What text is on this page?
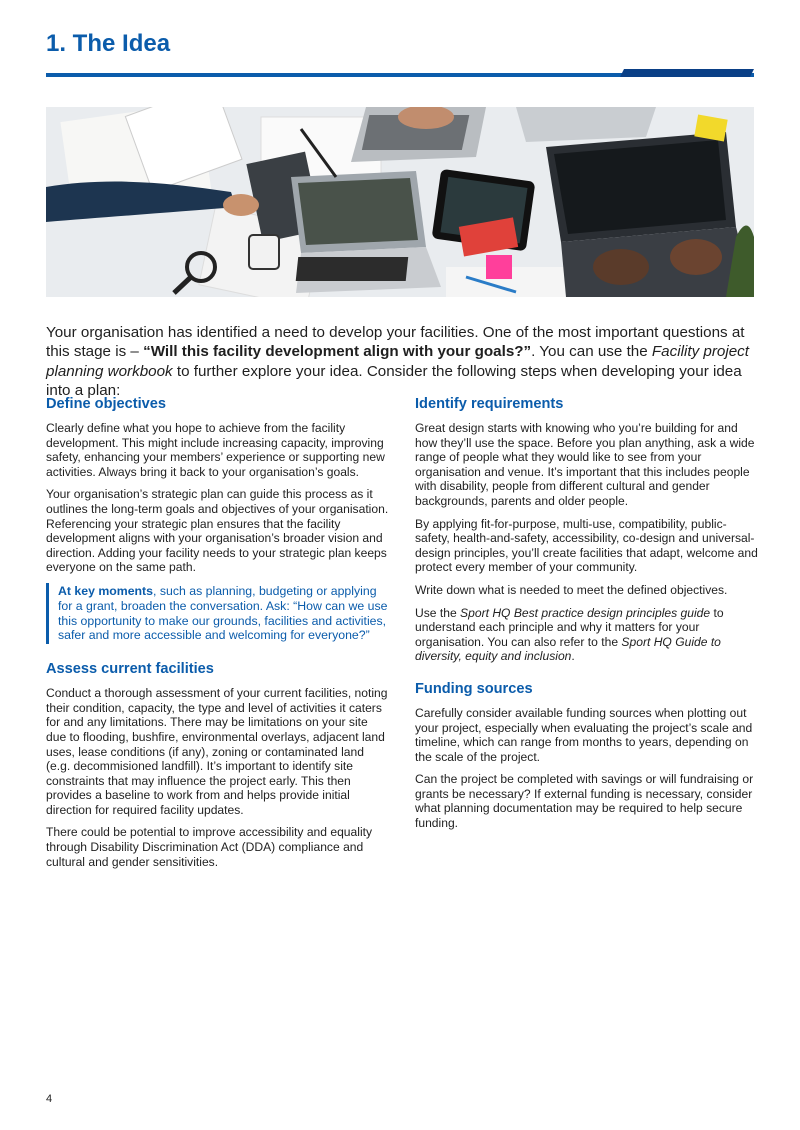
1. The Idea

Your organisation has identified a need to develop your facilities. One of the most important questions at this stage is – “Will this facility development align with your goals?”. You can use the Facility project planning workbook to further explore your idea. Consider the following steps when developing your idea into a plan:

Define objectives

Clearly define what you hope to achieve from the facility development. This might include increasing capacity, improving safety, enhancing your members’ experience or supporting new activities. Always bring it back to your organisation’s goals.

Your organisation’s strategic plan can guide this process as it outlines the long-term goals and objectives of your organisation. Referencing your strategic plan ensures that the facility development aligns with your organisation’s broader vision and direction. Adding your facility needs to your strategic plan keeps everyone on the same path.

At key moments, such as planning, budgeting or applying for a grant, broaden the conversation. Ask: “How can we use this opportunity to make our grounds, facilities and activities, safer and more accessible and welcoming for everyone?”

Assess current facilities

Conduct a thorough assessment of your current facilities, noting their condition, capacity, the type and level of activities it caters for and any limitations. There may be limitations on your site due to flooding, bushfire, environmental overlays, adjacent land uses, lease conditions (if any), zoning or contaminated land (e.g. decommisioned landfill). It’s important to identify site constraints that may influence the project early. This then provides a baseline to work from and helps provide initial direction for required facility updates.

There could be potential to improve accessibility and equality through Disability Discrimination Act (DDA) compliance and cultural and gender sensitivities.

Identify requirements

Great design starts with knowing who you’re building for and how they’ll use the space. Before you plan anything, ask a wide range of people what they would like to see from your organisation and venue. It’s important that this includes people with disability, people from different cultural and gender backgrounds, parents and older people.

By applying fit-for-purpose, multi-use, compatibility, public-safety, health-and-safety, accessibility, co-design and universal-design principles, you’ll create facilities that adapt, welcome and protect every member of your community.

Write down what is needed to meet the defined objectives.

Use the Sport HQ Best practice design principles guide to understand each principle and why it matters for your organisation. You can also refer to the Sport HQ Guide to diversity, equity and inclusion.

Funding sources

Carefully consider available funding sources when plotting out your project, especially when evaluating the project’s scale and timeline, which can range from months to years, depending on the scale of the project.

Can the project be completed with savings or will fundraising or grants be necessary? If external funding is necessary, consider what planning documentation may be required to help secure funding.

4
